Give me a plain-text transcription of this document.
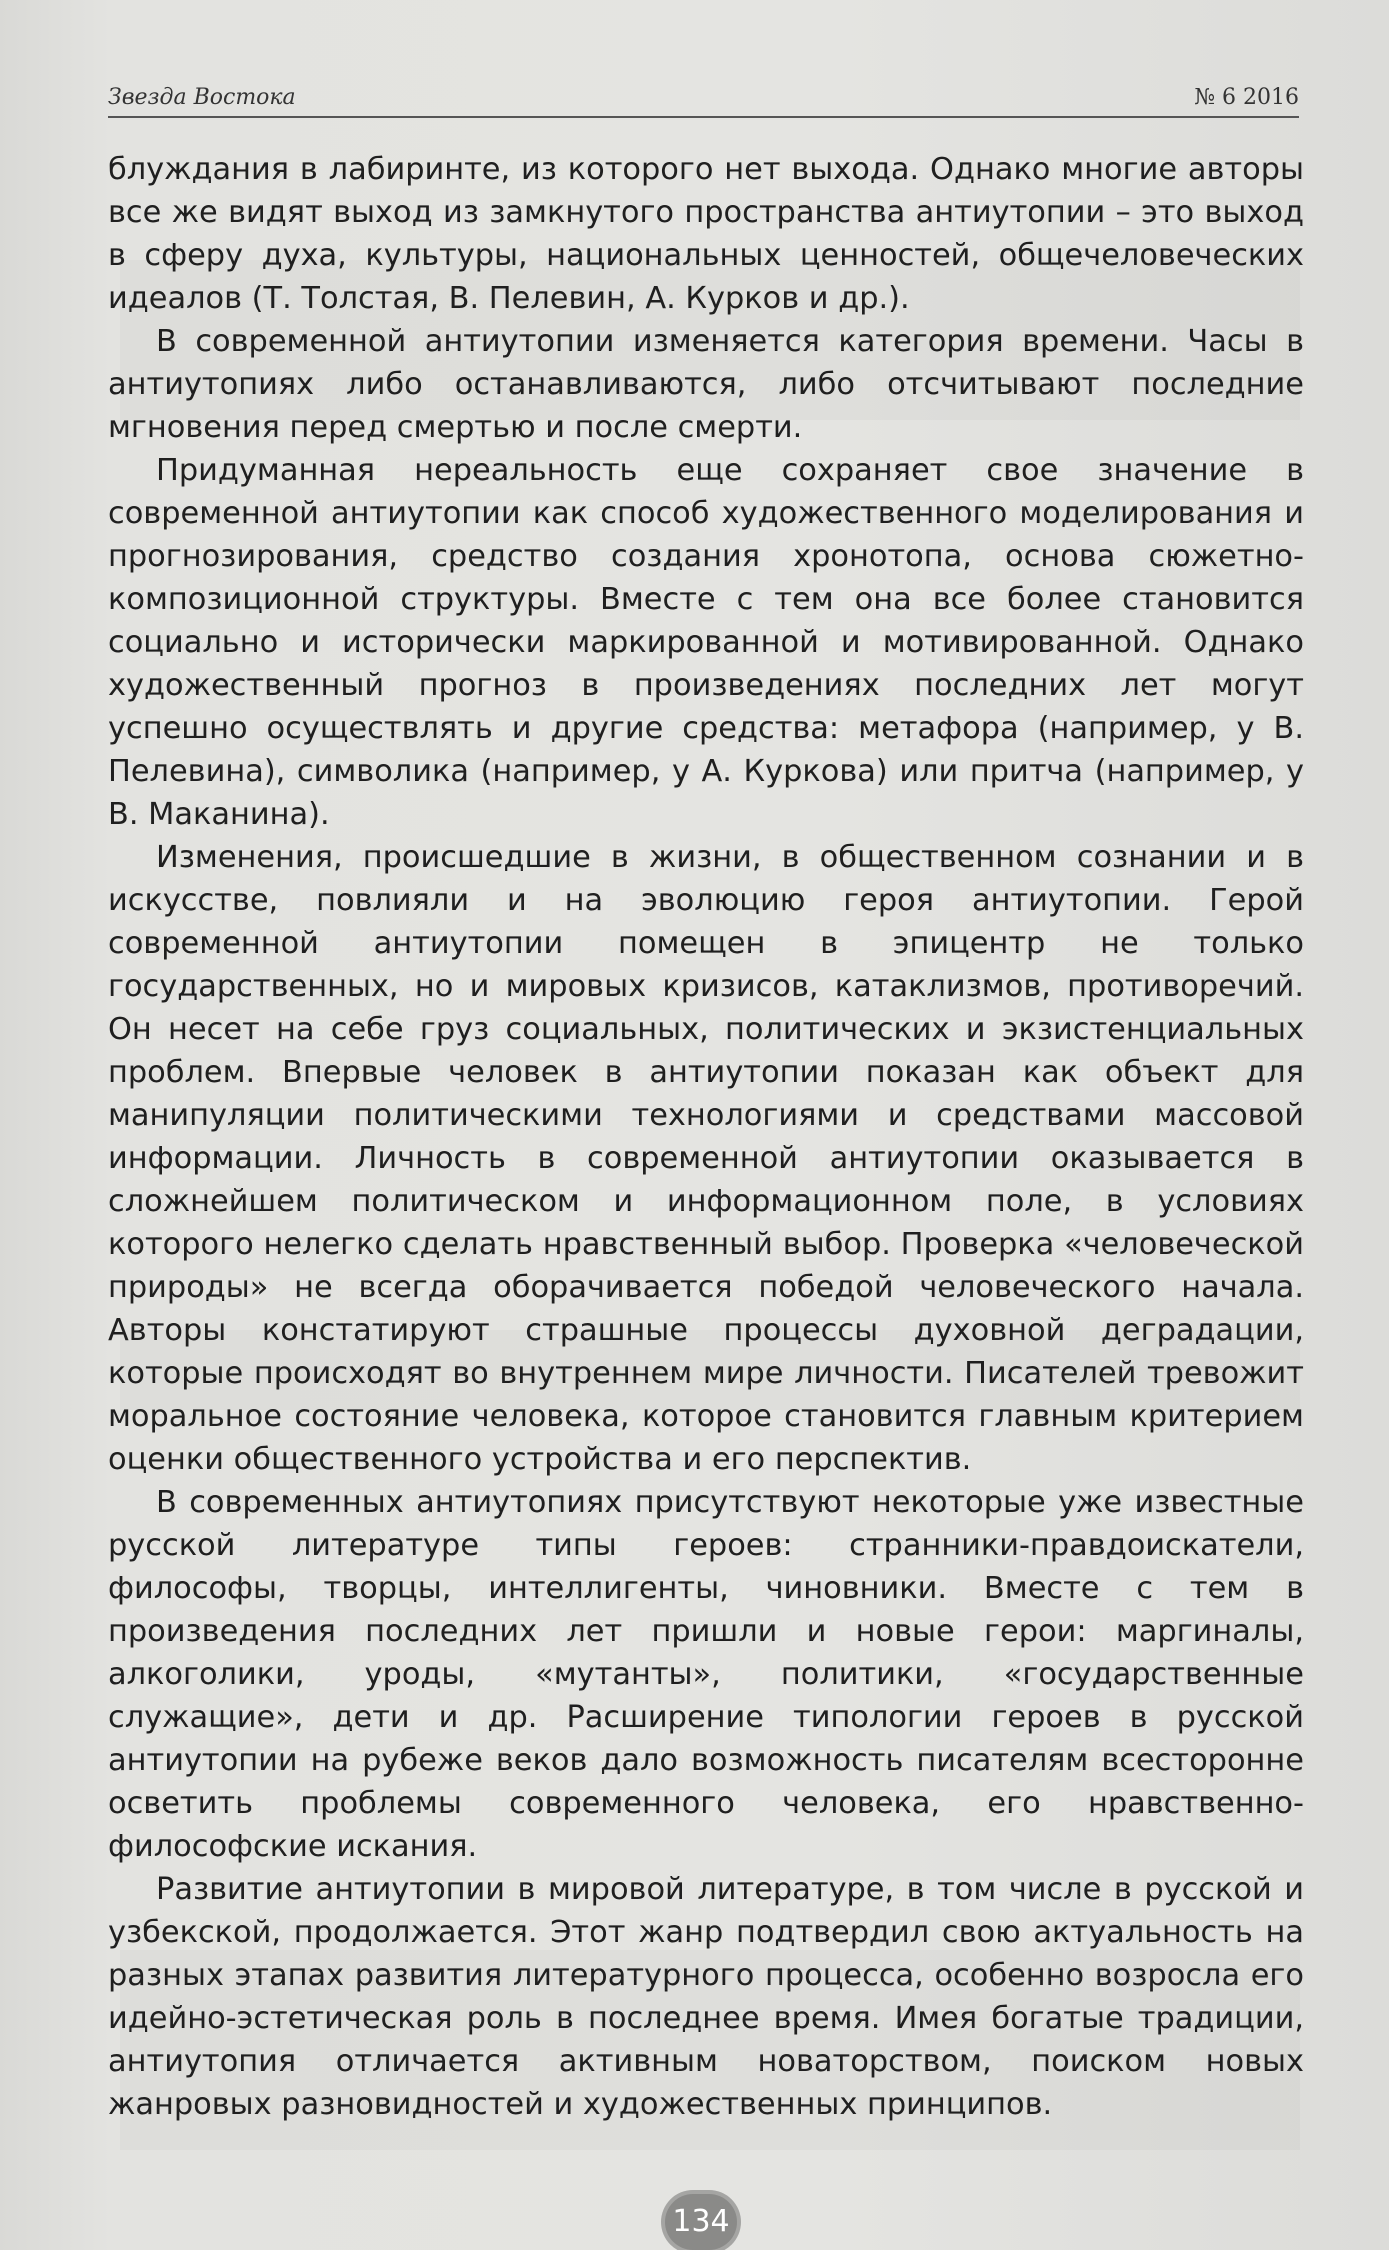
Звезда Востока	№ 6 2016

блуждания в лабиринте, из которого нет выхода. Однако многие авторы все же видят выход из замкнутого пространства антиутопии – это выход в сферу духа, культуры, национальных ценностей, общечеловеческих идеалов (Т. Толстая, В. Пелевин, А. Курков и др.).

В современной антиутопии изменяется категория времени. Часы в антиутопиях либо останавливаются, либо отсчитывают последние мгновения перед смертью и после смерти.

Придуманная нереальность еще сохраняет свое значение в современной антиутопии как способ художественного моделирования и прогнозирования, средство создания хронотопа, основа сюжетно-композиционной структуры. Вместе с тем она все более становится социально и исторически маркированной и мотивированной. Однако художественный прогноз в произведениях последних лет могут успешно осуществлять и другие средства: метафора (например, у В. Пелевина), символика (например, у А. Куркова) или притча (например, у В. Маканина).

Изменения, происшедшие в жизни, в общественном сознании и в искусстве, повлияли и на эволюцию героя антиутопии. Герой современной антиутопии помещен в эпицентр не только государственных, но и мировых кризисов, катаклизмов, противоречий. Он несет на себе груз социальных, политических и экзистенциальных проблем. Впервые человек в антиутопии показан как объект для манипуляции политическими технологиями и средствами массовой информации. Личность в современной антиутопии оказывается в сложнейшем политическом и информационном поле, в условиях которого нелегко сделать нравственный выбор. Проверка «человеческой природы» не всегда оборачивается победой человеческого начала. Авторы констатируют страшные процессы духовной деградации, которые происходят во внутреннем мире личности. Писателей тревожит моральное состояние человека, которое становится главным критерием оценки общественного устройства и его перспектив.

В современных антиутопиях присутствуют некоторые уже известные русской литературе типы героев: странники-правдоискатели, философы, творцы, интеллигенты, чиновники. Вместе с тем в произведения последних лет пришли и новые герои: маргиналы, алкоголики, уроды, «мутанты», политики, «государственные служащие», дети и др. Расширение типологии героев в русской антиутопии на рубеже веков дало возможность писателям всесторонне осветить проблемы современного человека, его нравственно-философские искания.

Развитие антиутопии в мировой литературе, в том числе в русской и узбекской, продолжается. Этот жанр подтвердил свою актуальность на разных этапах развития литературного процесса, особенно возросла его идейно-эстетическая роль в последнее время. Имея богатые традиции, антиутопия отличается активным новаторством, поиском новых жанровых разновидностей и художественных принципов.

134
